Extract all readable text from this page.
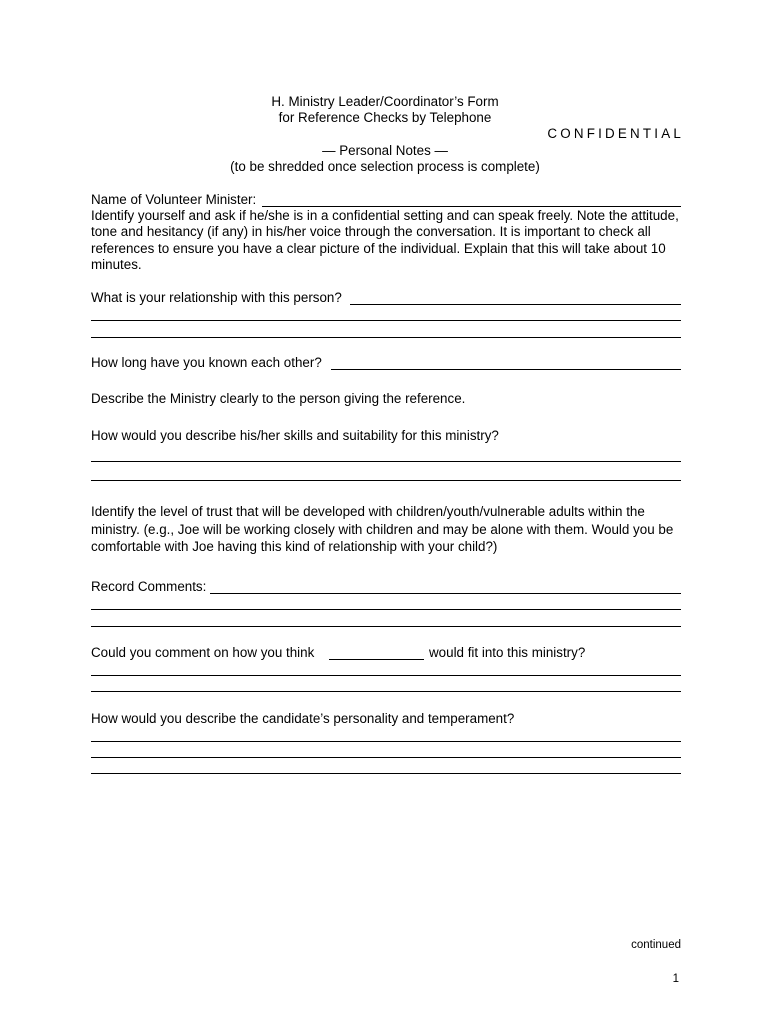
H. Ministry Leader/Coordinator’s Form
for Reference Checks by Telephone
CONFIDENTIAL
— Personal Notes —
(to be shredded once selection process is complete)
Name of Volunteer Minister:
Identify yourself and ask if he/she is in a confidential setting and can speak freely. Note the attitude, tone and hesitancy (if any) in his/her voice through the conversation. It is important to check all references to ensure you have a clear picture of the individual. Explain that this will take about 10 minutes.
What is your relationship with this person?
How long have you known each other?
Describe the Ministry clearly to the person giving the reference.
How would you describe his/her skills and suitability for this ministry?
Identify the level of trust that will be developed with children/youth/vulnerable adults within the ministry. (e.g., Joe will be working closely with children and may be alone with them. Would you be comfortable with Joe having this kind of relationship with your child?)
Record Comments:
Could you comment on how you think	would fit into this ministry?
How would you describe the candidate’s personality and temperament?
continued
1
